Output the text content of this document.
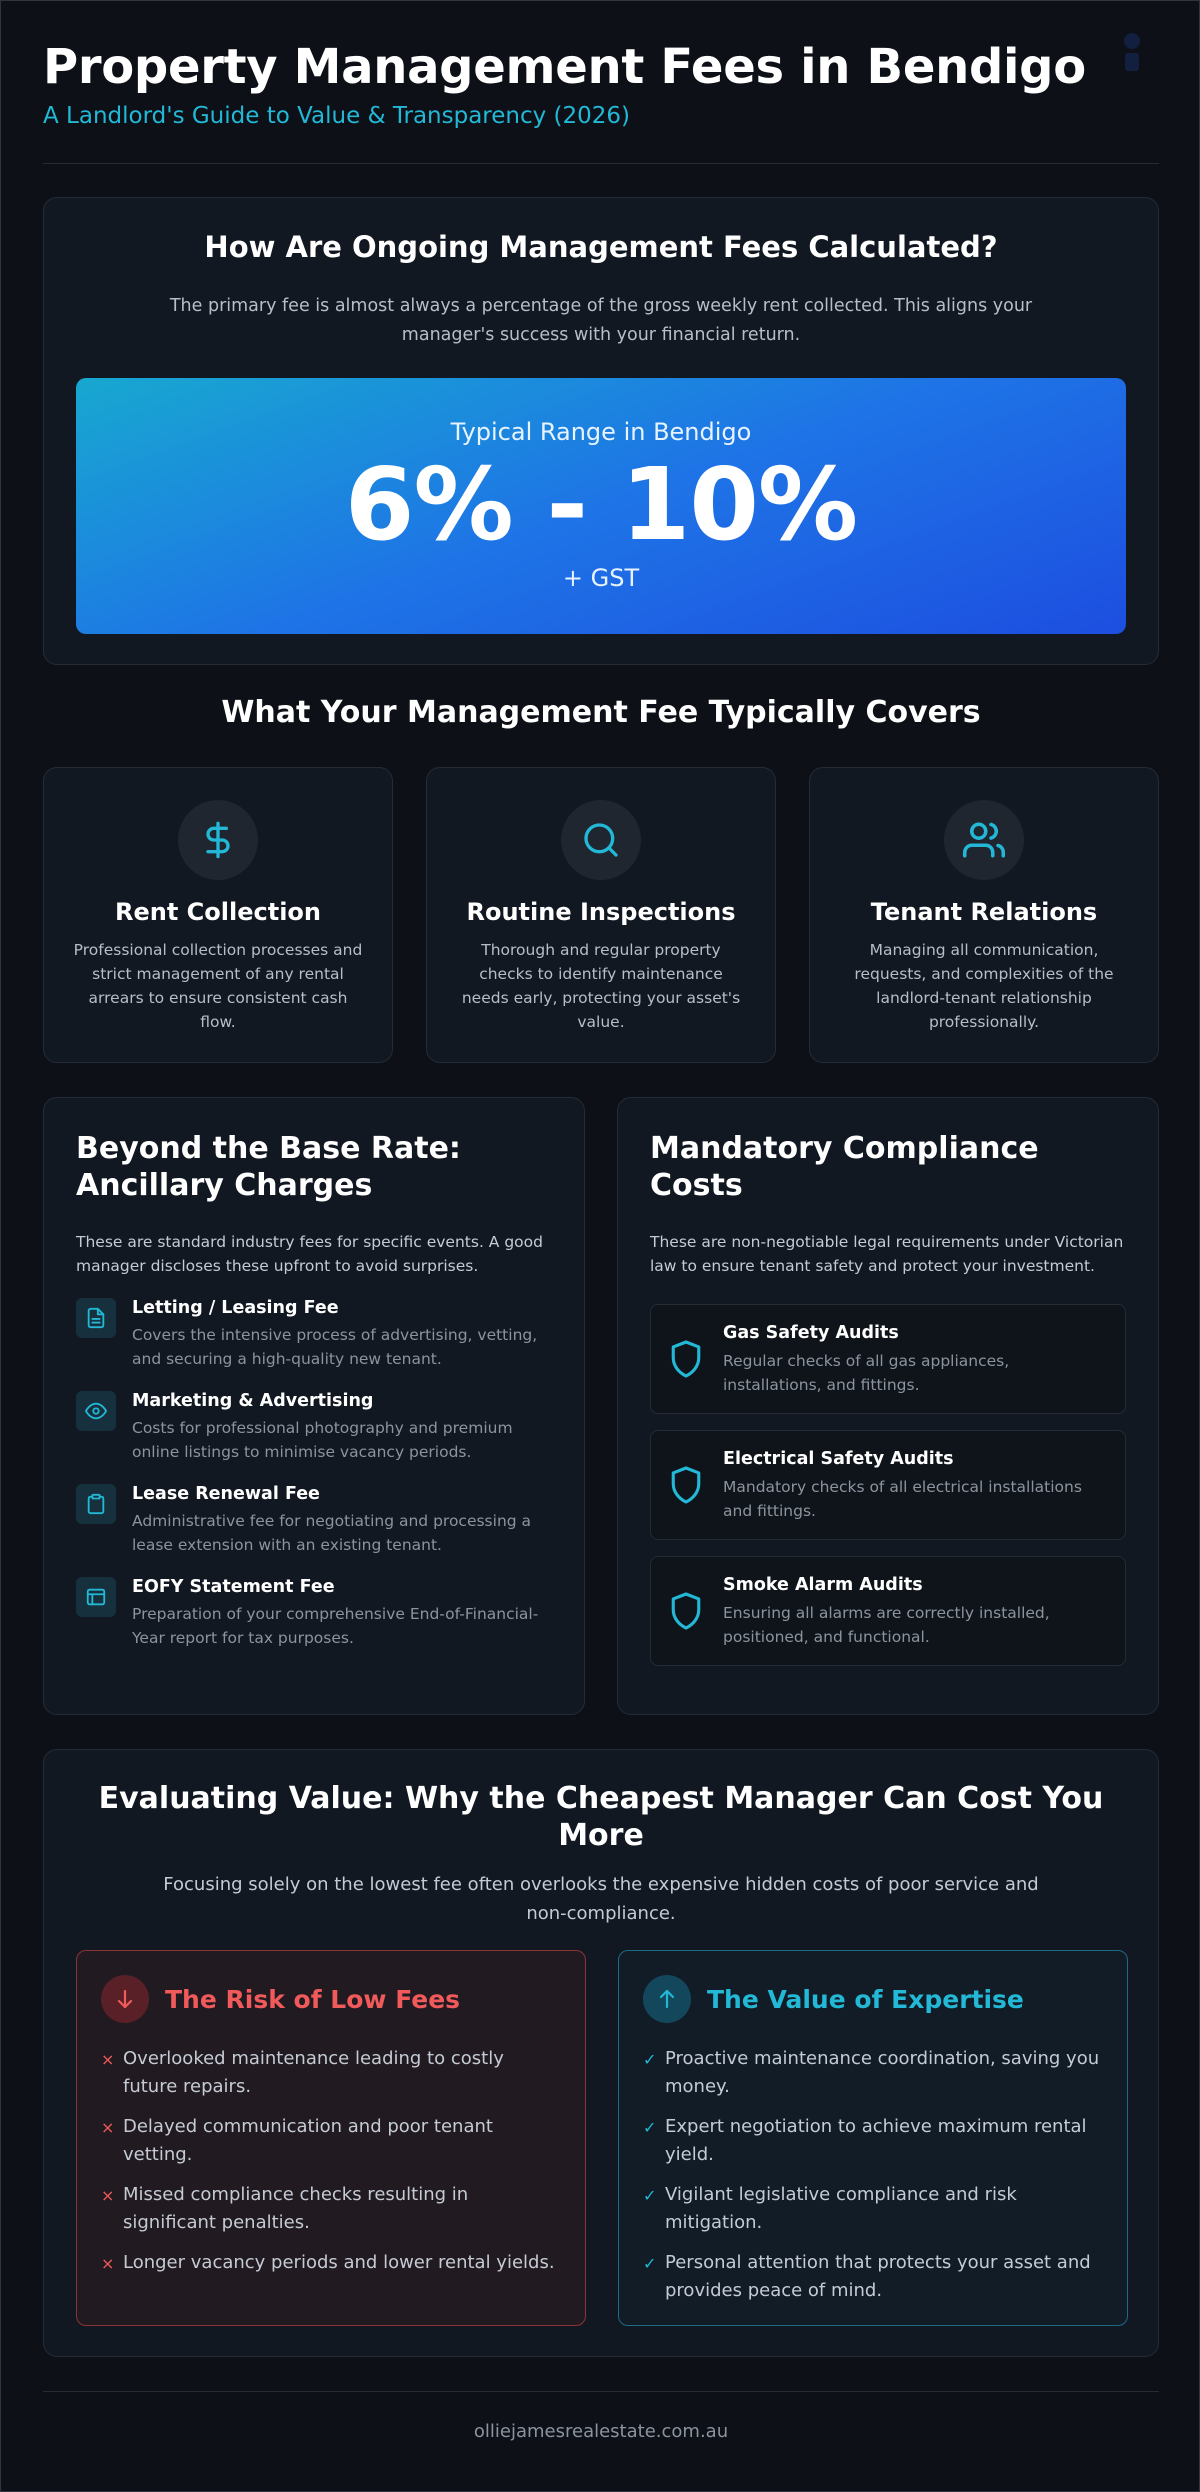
Property Management Fees in Bendigo
A Landlord's Guide to Value & Transparency (2026)
How Are Ongoing Management Fees Calculated?
The primary fee is almost always a percentage of the gross weekly rent collected. This aligns your manager's success with your financial return.
Typical Range in Bendigo
6% - 10%
+ GST
What Your Management Fee Typically Covers
Rent Collection
Professional collection processes and strict management of any rental arrears to ensure consistent cash flow.
Routine Inspections
Thorough and regular property checks to identify maintenance needs early, protecting your asset's value.
Tenant Relations
Managing all communication, requests, and complexities of the landlord-tenant relationship professionally.
Beyond the Base Rate: Ancillary Charges
These are standard industry fees for specific events. A good manager discloses these upfront to avoid surprises.
Letting / Leasing Fee
Covers the intensive process of advertising, vetting, and securing a high-quality new tenant.
Marketing & Advertising
Costs for professional photography and premium online listings to minimise vacancy periods.
Lease Renewal Fee
Administrative fee for negotiating and processing a lease extension with an existing tenant.
EOFY Statement Fee
Preparation of your comprehensive End-of-Financial-Year report for tax purposes.
Mandatory Compliance Costs
These are non-negotiable legal requirements under Victorian law to ensure tenant safety and protect your investment.
Gas Safety Audits
Regular checks of all gas appliances, installations, and fittings.
Electrical Safety Audits
Mandatory checks of all electrical installations and fittings.
Smoke Alarm Audits
Ensuring all alarms are correctly installed, positioned, and functional.
Evaluating Value: Why the Cheapest Manager Can Cost You More
Focusing solely on the lowest fee often overlooks the expensive hidden costs of poor service and non-compliance.
The Risk of Low Fees
× Overlooked maintenance leading to costly future repairs.
× Delayed communication and poor tenant vetting.
× Missed compliance checks resulting in significant penalties.
× Longer vacancy periods and lower rental yields.
The Value of Expertise
✓ Proactive maintenance coordination, saving you money.
✓ Expert negotiation to achieve maximum rental yield.
✓ Vigilant legislative compliance and risk mitigation.
✓ Personal attention that protects your asset and provides peace of mind.
olliejamesrealestate.com.au
